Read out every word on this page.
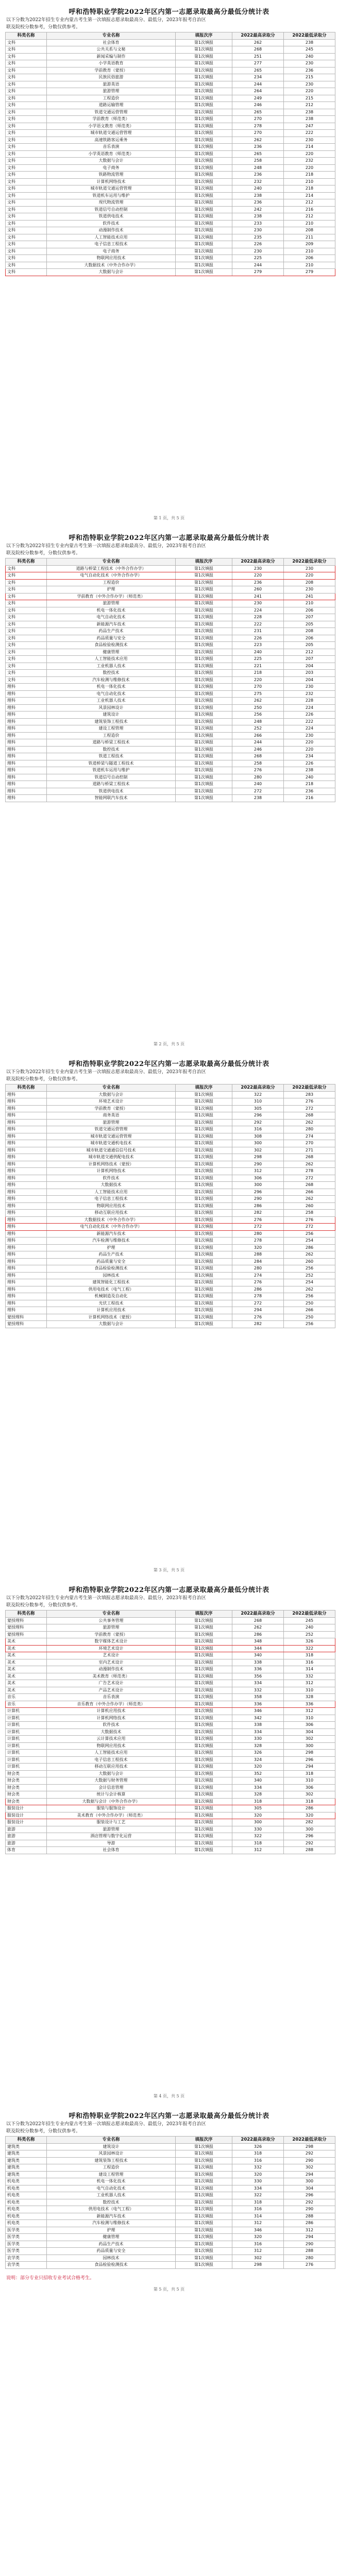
呼和浩特职业学院2022年区内第一志愿录取最高分最低分统计表
以下分数为2022年招生专业内蒙古考生第一次填报志愿录取最高分、最低分，2023年报考自治区
联及院校分数参考，分数仅供参考。
科类名称	专业名称	填报次序	2022最高录取分	2022最低录取分
文科	社会体育	第1次填报	262	238
文科	公共关系与文秘	第1次填报	268	245
文科	新闻采编与制作	第1次填报	251	240
文科	小学英语教育	第1次填报	277	230
文科	学前教育（蒙授）	第1次填报	265	236
文科	民族民俗旅游	第1次填报	234	215
文科	旅游英语	第1次填报	244	230
文科	旅游管理	第1次填报	264	220
文科	工程造价	第1次填报	249	215
文科	道路运输管理	第1次填报	246	212
文科	铁道交通运营管理	第1次填报	265	238
文科	学前教育（师范类）	第1次填报	270	238
文科	小学语文教育（师范类）	第1次填报	278	247
文科	城市轨道交通运营管理	第1次填报	270	222
文科	高速铁路客运乘务	第1次填报	262	230
文科	音乐表演	第1次填报	236	214
文科	小学英语教育（师范类）	第1次填报	265	220
文科	大数据与会计	第1次填报	258	232
文科	电子商务	第1次填报	248	220
文科	铁路物流管理	第1次填报	236	218
文科	计算机网络技术	第1次填报	232	210
文科	城市轨道交通运营管理	第1次填报	240	218
文科	铁道机车运用与维护	第1次填报	238	214
文科	现代物流管理	第1次填报	236	212
文科	铁道信号自动控制	第1次填报	242	216
文科	铁道供电技术	第1次填报	238	212
文科	软件技术	第1次填报	233	210
文科	动漫制作技术	第1次填报	230	208
文科	人工智能技术应用	第1次填报	235	211
文科	电子信息工程技术	第1次填报	226	209
文科	电子商务	第1次填报	230	210
文科	物联网应用技术	第1次填报	225	206
文科	大数据技术（中外合作办学）	第1次填报	244	210
文科	大数据与会计	第1次填报	279	279
第 1 页，共 5 页
呼和浩特职业学院2022年区内第一志愿录取最高分最低分统计表
以下分数为2022年招生专业内蒙古考生第一次填报志愿录取最高分、最低分，2023年报考自治区
联及院校分数参考，分数仅供参考。
科类名称	专业名称	填报次序	2022最高录取分	2022最低录取分
文科	道路与桥梁工程技术（中外合作办学）	第1次填报	230	230
文科	电气自动化技术（中外合作办学）	第1次填报	220	220
文科	工程造价	第1次填报	236	208
文科	护理	第1次填报	260	230
文科	学前教育（中外合作办学）（师范类）	第1次填报	241	241
文科	旅游管理	第1次填报	230	210
文科	机电一体化技术	第1次填报	224	206
文科	电气自动化技术	第1次填报	228	207
文科	新能源汽车技术	第1次填报	222	205
文科	药品生产技术	第1次填报	231	208
文科	药品质量与安全	第1次填报	226	206
文科	食品检验检测技术	第1次填报	223	205
文科	健康管理	第1次填报	240	212
文科	人工智能技术应用	第1次填报	225	207
文科	工业机器人技术	第1次填报	221	204
文科	数控技术	第1次填报	218	203
文科	汽车检测与维修技术	第1次填报	220	204
理科	机电一体化技术	第1次填报	270	230
理科	电气自动化技术	第1次填报	275	232
理科	工业机器人技术	第1次填报	262	228
理科	风景园林设计	第1次填报	250	224
理科	建筑设计	第1次填报	256	226
理科	建筑装饰工程技术	第1次填报	248	222
理科	建设工程管理	第1次填报	252	224
理科	工程造价	第1次填报	266	230
理科	道路与桥梁工程技术	第1次填报	244	220
理科	数控技术	第1次填报	246	220
理科	铁道工程技术	第1次填报	268	234
理科	铁道桥梁与隧道工程技术	第1次填报	258	226
理科	铁道机车运用与维护	第1次填报	276	238
理科	铁道信号自动控制	第1次填报	280	240
理科	道路与桥梁工程技术	第1次填报	240	218
理科	铁道供电技术	第1次填报	272	236
理科	智能网联汽车技术	第1次填报	238	216
第 2 页，共 5 页
呼和浩特职业学院2022年区内第一志愿录取最高分最低分统计表
以下分数为2022年招生专业内蒙古考生第一次填报志愿录取最高分、最低分，2023年报考自治区
联及院校分数参考，分数仅供参考。
科类名称	专业名称	填报次序	2022最高录取分	2022最低录取分
理科	大数据与会计	第1次填报	322	283
理科	环境艺术设计	第1次填报	310	276
理科	学前教育（蒙授）	第1次填报	305	272
理科	商务英语	第1次填报	296	268
理科	旅游管理	第1次填报	292	262
理科	铁道交通运营管理	第1次填报	316	280
理科	城市轨道交通运营管理	第1次填报	308	274
理科	城市轨道交通机电技术	第1次填报	300	270
理科	城市轨道交通通信信号技术	第1次填报	302	271
理科	城市轨道交通供配电技术	第1次填报	298	268
理科	计算机网络技术（蒙授）	第1次填报	290	262
理科	计算机网络技术	第1次填报	312	278
理科	软件技术	第1次填报	306	272
理科	大数据技术	第1次填报	300	268
理科	人工智能技术应用	第1次填报	296	266
理科	电子信息工程技术	第1次填报	290	262
理科	物联网应用技术	第1次填报	286	260
理科	移动互联应用技术	第1次填报	282	258
理科	大数据技术（中外合作办学）	第1次填报	276	276
理科	电气自动化技术（中外合作办学）	第1次填报	272	272
理科	新能源汽车技术	第1次填报	280	256
理科	汽车检测与维修技术	第1次填报	278	254
理科	护理	第1次填报	320	286
理科	药品生产技术	第1次填报	288	262
理科	药品质量与安全	第1次填报	284	260
理科	食品检验检测技术	第1次填报	280	256
理科	园林技术	第1次填报	274	252
理科	建筑智能化工程技术	第1次填报	276	254
理科	供用电技术（电气工程）	第1次填报	286	262
理科	机械制造及自动化	第1次填报	278	256
理科	光伏工程技术	第1次填报	272	250
理科	计算机应用技术	第1次填报	294	266
蒙授理科	计算机网络技术（蒙授）	第1次填报	276	250
蒙授理科	大数据与会计	第1次填报	282	256
第 3 页，共 5 页
呼和浩特职业学院2022年区内第一志愿录取最高分最低分统计表
以下分数为2022年招生专业内蒙古考生第一次填报志愿录取最高分、最低分，2023年报考自治区
联及院校分数参考，分数仅供参考。
科类名称	专业名称	填报次序	2022最高录取分	2022最低录取分
蒙授理科	公共事务管理	第1次填报	268	245
蒙授理科	旅游管理	第1次填报	262	240
蒙授理科	学前教育（蒙授）	第1次填报	286	252
美术	数字媒体艺术设计	第1次填报	348	326
美术	环境艺术设计	第1次填报	344	322
美术	艺术设计	第1次填报	340	318
美术	室内艺术设计	第1次填报	338	316
美术	动漫制作技术	第1次填报	336	314
美术	美术教育（师范类）	第1次填报	356	332
美术	广告艺术设计	第1次填报	334	312
美术	产品艺术设计	第1次填报	332	310
音乐	音乐表演	第1次填报	358	328
音乐	音乐教育（中外合作办学）（师范类）	第1次填报	336	336
计算机	计算机应用技术	第1次填报	346	312
计算机	计算机网络技术	第1次填报	342	310
计算机	软件技术	第1次填报	338	306
计算机	大数据技术	第1次填报	334	304
计算机	云计算技术应用	第1次填报	330	302
计算机	物联网应用技术	第1次填报	328	300
计算机	人工智能技术应用	第1次填报	326	298
计算机	电子信息工程技术	第1次填报	324	296
计算机	移动互联应用技术	第1次填报	320	294
财会类	大数据与会计	第1次填报	352	318
财会类	大数据与财务管理	第1次填报	340	310
财会类	会计信息管理	第1次填报	334	306
财会类	统计与会计核算	第1次填报	328	302
财会类	大数据与会计（中外合作办学）	第1次填报	318	318
服装设计	服装与服饰设计	第1次填报	305	286
服装设计	美术教育（中外合作办学）（师范类）	第1次填报	320	320
服装设计	服装设计与工艺	第1次填报	300	282
旅游	旅游管理	第1次填报	330	300
旅游	酒店管理与数字化运营	第1次填报	322	296
旅游	导游	第1次填报	318	292
体育	社会体育	第1次填报	312	288
第 4 页，共 5 页
呼和浩特职业学院2022年区内第一志愿录取最高分最低分统计表
以下分数为2022年招生专业内蒙古考生第一次填报志愿录取最高分、最低分，2023年报考自治区
联及院校分数参考，分数仅供参考。
科类名称	专业名称	填报次序	2022最高录取分	2022最低录取分
建筑类	建筑设计	第1次填报	326	298
建筑类	风景园林设计	第1次填报	318	292
建筑类	建筑装饰工程技术	第1次填报	316	290
建筑类	工程造价	第1次填报	332	302
建筑类	建设工程管理	第1次填报	320	294
机电类	机电一体化技术	第1次填报	330	300
机电类	电气自动化技术	第1次填报	334	304
机电类	工业机器人技术	第1次填报	322	296
机电类	数控技术	第1次填报	318	292
机电类	供用电技术（电气工程）	第1次填报	316	290
机电类	新能源汽车技术	第1次填报	314	288
机电类	汽车检测与维修技术	第1次填报	312	286
医学类	护理	第1次填报	346	312
医学类	健康管理	第1次填报	320	294
医学类	药品生产技术	第1次填报	316	290
医学类	药品质量与安全	第1次填报	312	288
农学类	园林技术	第1次填报	302	280
农学类	食品检验检测技术	第1次填报	298	276
说明：部分专业只招收专业考试合格考生。
第 5 页，共 5 页
